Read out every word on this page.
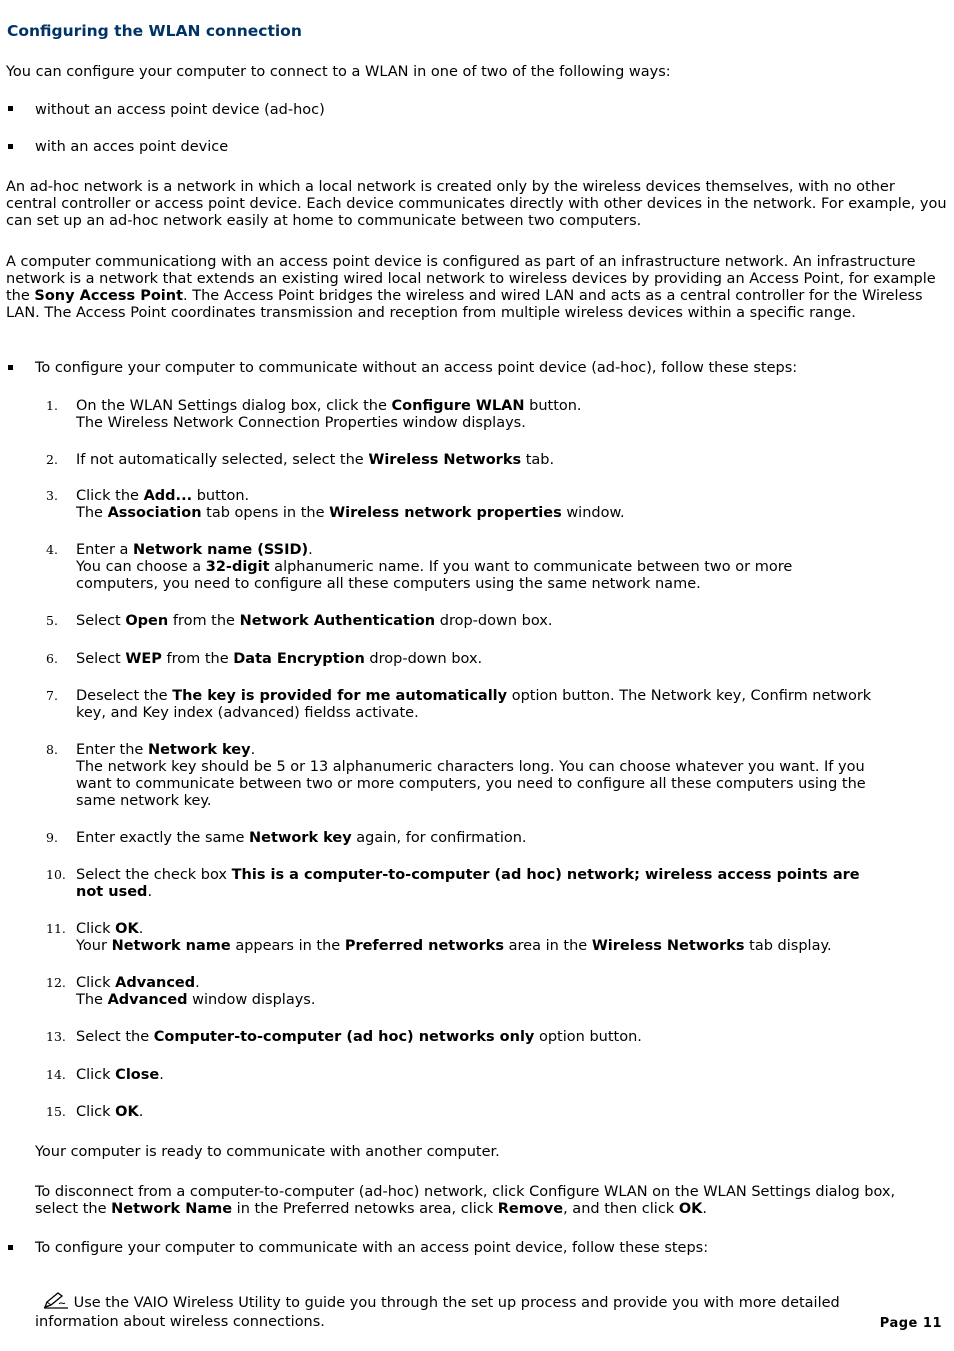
Configuring the WLAN connection

You can configure your computer to connect to a WLAN in one of two of the following ways:

without an access point device (ad-hoc)

with an acces point device

An ad-hoc network is a network in which a local network is created only by the wireless devices themselves, with no other central controller or access point device. Each device communicates directly with other devices in the network. For example, you can set up an ad-hoc network easily at home to communicate between two computers.

A computer communicationg with an access point device is configured as part of an infrastructure network. An infrastructure network is a network that extends an existing wired local network to wireless devices by providing an Access Point, for example the Sony Access Point. The Access Point bridges the wireless and wired LAN and acts as a central controller for the Wireless LAN. The Access Point coordinates transmission and reception from multiple wireless devices within a specific range.

To configure your computer to communicate without an access point device (ad-hoc), follow these steps:

1. On the WLAN Settings dialog box, click the Configure WLAN button.
The Wireless Network Connection Properties window displays.

2. If not automatically selected, select the Wireless Networks tab.

3. Click the Add... button.
The Association tab opens in the Wireless network properties window.

4. Enter a Network name (SSID).
You can choose a 32-digit alphanumeric name. If you want to communicate between two or more computers, you need to configure all these computers using the same network name.

5. Select Open from the Network Authentication drop-down box.

6. Select WEP from the Data Encryption drop-down box.

7. Deselect the The key is provided for me automatically option button. The Network key, Confirm network key, and Key index (advanced) fieldss activate.

8. Enter the Network key.
The network key should be 5 or 13 alphanumeric characters long. You can choose whatever you want. If you want to communicate between two or more computers, you need to configure all these computers using the same network key.

9. Enter exactly the same Network key again, for confirmation.

10. Select the check box This is a computer-to-computer (ad hoc) network; wireless access points are not used.

11. Click OK.
Your Network name appears in the Preferred networks area in the Wireless Networks tab display.

12. Click Advanced.
The Advanced window displays.

13. Select the Computer-to-computer (ad hoc) networks only option button.

14. Click Close.

15. Click OK.

Your computer is ready to communicate with another computer.

To disconnect from a computer-to-computer (ad-hoc) network, click Configure WLAN on the WLAN Settings dialog box, select the Network Name in the Preferred netowks area, click Remove, and then click OK.

To configure your computer to communicate with an access point device, follow these steps:

Use the VAIO Wireless Utility to guide you through the set up process and provide you with more detailed information about wireless connections.	Page 11
